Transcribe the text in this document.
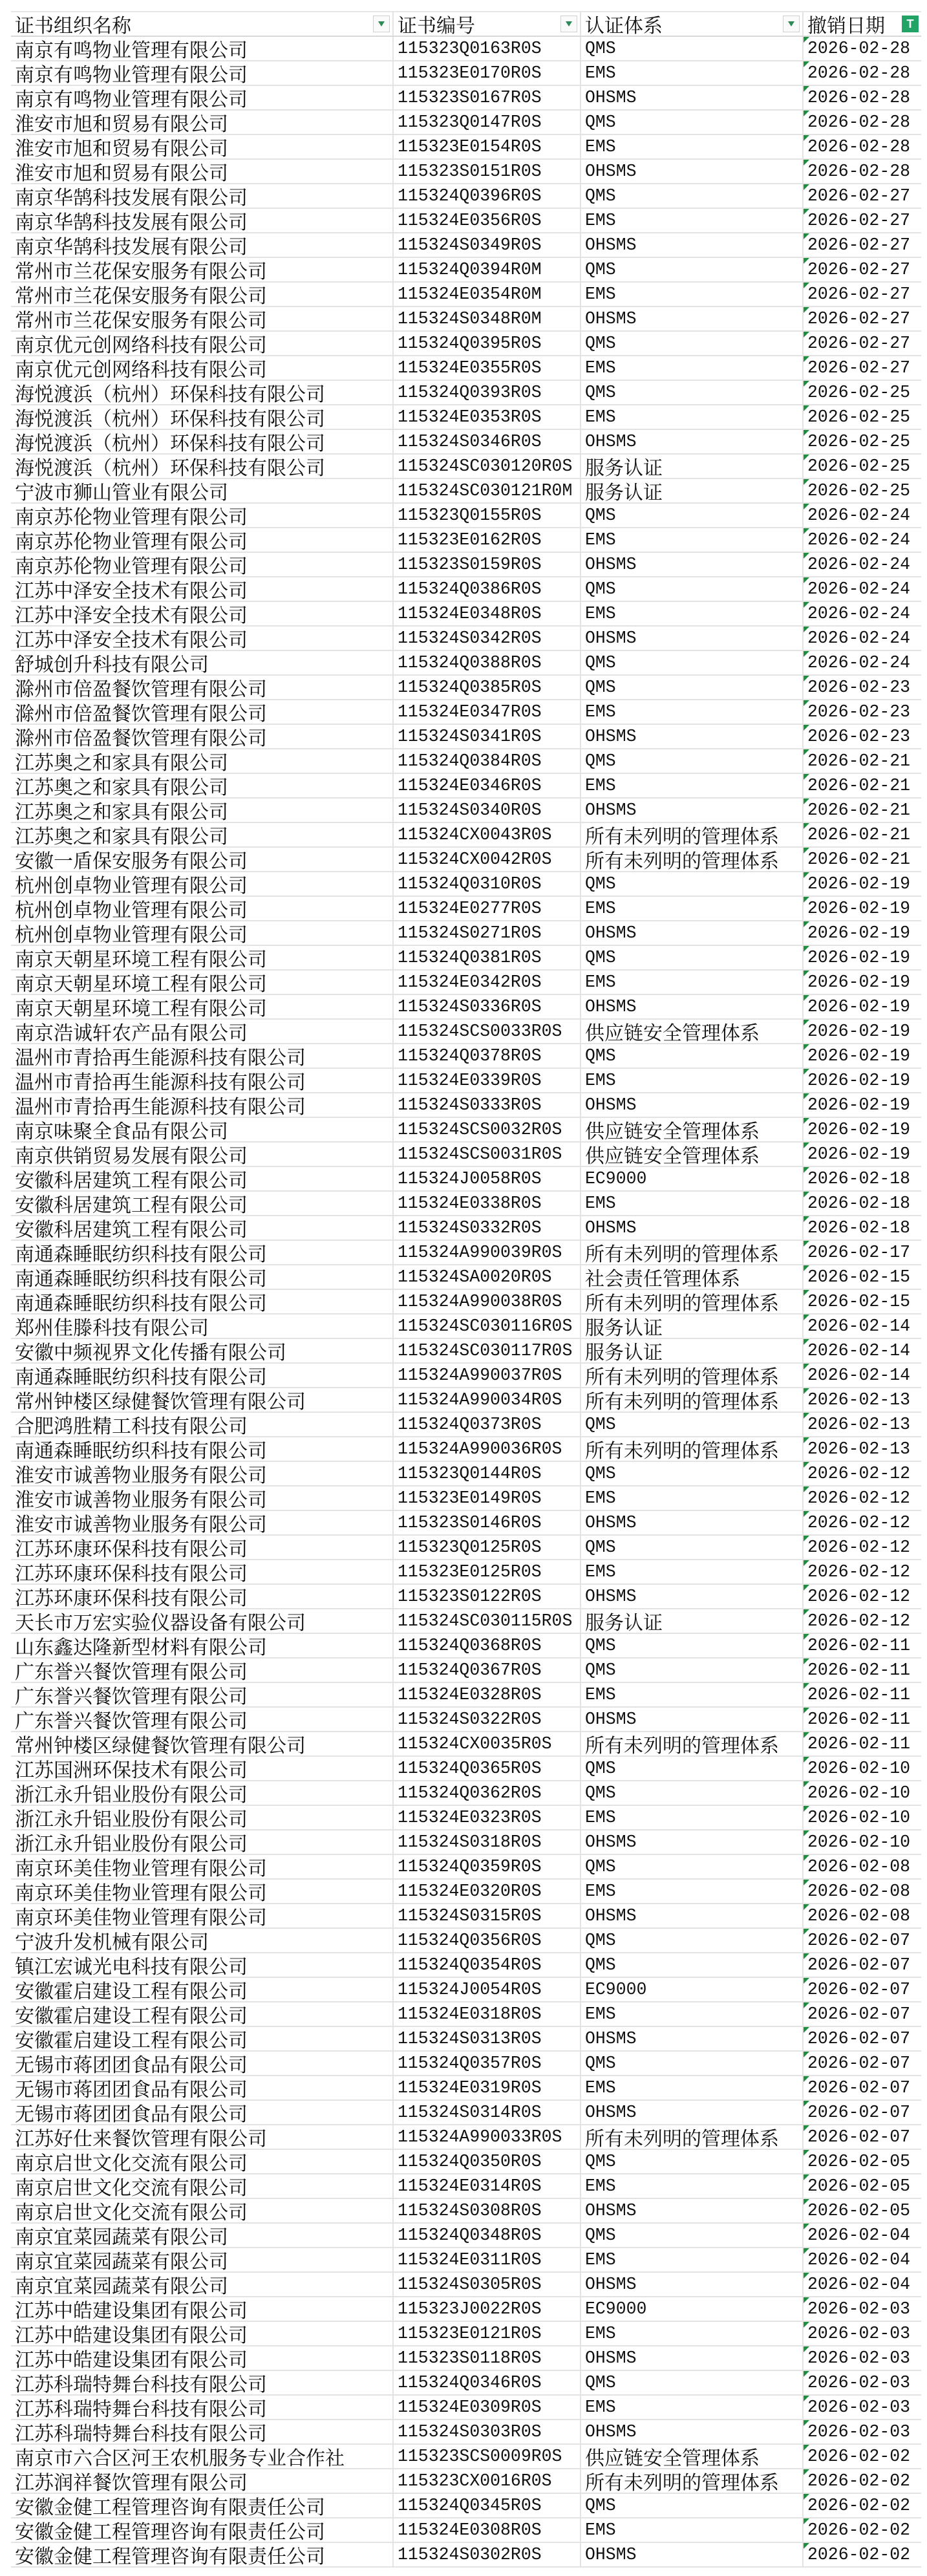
证书组织名称	证书编号	认证体系	撤销日期
T
南京有鸣物业管理有限公司	115323Q0163R0S	QMS	2026-02-28
南京有鸣物业管理有限公司	115323E0170R0S	EMS	2026-02-28
南京有鸣物业管理有限公司	115323S0167R0S	OHSMS	2026-02-28
淮安市旭和贸易有限公司	115323Q0147R0S	QMS	2026-02-28
淮安市旭和贸易有限公司	115323E0154R0S	EMS	2026-02-28
淮安市旭和贸易有限公司	115323S0151R0S	OHSMS	2026-02-28
南京华鹄科技发展有限公司	115324Q0396R0S	QMS	2026-02-27
南京华鹄科技发展有限公司	115324E0356R0S	EMS	2026-02-27
南京华鹄科技发展有限公司	115324S0349R0S	OHSMS	2026-02-27
常州市兰花保安服务有限公司	115324Q0394R0M	QMS	2026-02-27
常州市兰花保安服务有限公司	115324E0354R0M	EMS	2026-02-27
常州市兰花保安服务有限公司	115324S0348R0M	OHSMS	2026-02-27
南京优元创网络科技有限公司	115324Q0395R0S	QMS	2026-02-27
南京优元创网络科技有限公司	115324E0355R0S	EMS	2026-02-27
海悦渡浜（杭州）环保科技有限公司	115324Q0393R0S	QMS	2026-02-25
海悦渡浜（杭州）环保科技有限公司	115324E0353R0S	EMS	2026-02-25
海悦渡浜（杭州）环保科技有限公司	115324S0346R0S	OHSMS	2026-02-25
海悦渡浜（杭州）环保科技有限公司	115324SC030120R0S 服务认证	2026-02-25
宁波市狮山管业有限公司	115324SC030121R0M 服务认证	2026-02-25
南京苏伦物业管理有限公司	115323Q0155R0S	QMS	2026-02-24
南京苏伦物业管理有限公司	115323E0162R0S	EMS	2026-02-24
南京苏伦物业管理有限公司	115323S0159R0S	OHSMS	2026-02-24
江苏中泽安全技术有限公司	115324Q0386R0S	QMS	2026-02-24
江苏中泽安全技术有限公司	115324E0348R0S	EMS	2026-02-24
江苏中泽安全技术有限公司	115324S0342R0S	OHSMS	2026-02-24
舒城创升科技有限公司	115324Q0388R0S	QMS	2026-02-24
滁州市倍盈餐饮管理有限公司	115324Q0385R0S	QMS	2026-02-23
滁州市倍盈餐饮管理有限公司	115324E0347R0S	EMS	2026-02-23
滁州市倍盈餐饮管理有限公司	115324S0341R0S	OHSMS	2026-02-23
江苏奥之和家具有限公司	115324Q0384R0S	QMS	2026-02-21
江苏奥之和家具有限公司	115324E0346R0S	EMS	2026-02-21
江苏奥之和家具有限公司	115324S0340R0S	OHSMS	2026-02-21
江苏奥之和家具有限公司	115324CX0043R0S 所有未列明的管理体系 2026-02-21
安徽一盾保安服务有限公司	115324CX0042R0S 所有未列明的管理体系 2026-02-21
杭州创卓物业管理有限公司	115324Q0310R0S	QMS	2026-02-19
杭州创卓物业管理有限公司	115324E0277R0S	EMS	2026-02-19
杭州创卓物业管理有限公司	115324S0271R0S	OHSMS	2026-02-19
南京天朝星环境工程有限公司	115324Q0381R0S	QMS	2026-02-19
南京天朝星环境工程有限公司	115324E0342R0S	EMS	2026-02-19
南京天朝星环境工程有限公司	115324S0336R0S	OHSMS	2026-02-19
南京浩诚轩农产品有限公司	115324SCS0033R0S 供应链安全管理体系	2026-02-19
温州市青拾再生能源科技有限公司	115324Q0378R0S	QMS	2026-02-19
温州市青拾再生能源科技有限公司	115324E0339R0S	EMS	2026-02-19
温州市青拾再生能源科技有限公司	115324S0333R0S	OHSMS	2026-02-19
南京味聚全食品有限公司	115324SCS0032R0S 供应链安全管理体系	2026-02-19
南京供销贸易发展有限公司	115324SCS0031R0S 供应链安全管理体系	2026-02-19
安徽科居建筑工程有限公司	115324J0058R0S	EC9000	2026-02-18
安徽科居建筑工程有限公司	115324E0338R0S	EMS	2026-02-18
安徽科居建筑工程有限公司	115324S0332R0S	OHSMS	2026-02-18
南通森睡眠纺织科技有限公司	115324A990039R0S 所有未列明的管理体系 2026-02-17
南通森睡眠纺织科技有限公司	115324SA0020R0S 社会责任管理体系	2026-02-15
南通森睡眠纺织科技有限公司	115324A990038R0S 所有未列明的管理体系 2026-02-15
郑州佳滕科技有限公司	115324SC030116R0S 服务认证	2026-02-14
安徽中频视界文化传播有限公司	115324SC030117R0S 服务认证	2026-02-14
南通森睡眠纺织科技有限公司	115324A990037R0S 所有未列明的管理体系 2026-02-14
常州钟楼区绿健餐饮管理有限公司	115324A990034R0S 所有未列明的管理体系 2026-02-13
合肥鸿胜精工科技有限公司	115324Q0373R0S	QMS	2026-02-13
南通森睡眠纺织科技有限公司	115324A990036R0S 所有未列明的管理体系 2026-02-13
淮安市诚善物业服务有限公司	115323Q0144R0S	QMS	2026-02-12
淮安市诚善物业服务有限公司	115323E0149R0S	EMS	2026-02-12
淮安市诚善物业服务有限公司	115323S0146R0S	OHSMS	2026-02-12
江苏环康环保科技有限公司	115323Q0125R0S	QMS	2026-02-12
江苏环康环保科技有限公司	115323E0125R0S	EMS	2026-02-12
江苏环康环保科技有限公司	115323S0122R0S	OHSMS	2026-02-12
天长市万宏实验仪器设备有限公司	115324SC030115R0S 服务认证	2026-02-12
山东鑫达隆新型材料有限公司	115324Q0368R0S	QMS	2026-02-11
广东誉兴餐饮管理有限公司	115324Q0367R0S	QMS	2026-02-11
广东誉兴餐饮管理有限公司	115324E0328R0S	EMS	2026-02-11
广东誉兴餐饮管理有限公司	115324S0322R0S	OHSMS	2026-02-11
常州钟楼区绿健餐饮管理有限公司	115324CX0035R0S 所有未列明的管理体系 2026-02-11
江苏国洲环保技术有限公司	115324Q0365R0S	QMS	2026-02-10
浙江永升铝业股份有限公司	115324Q0362R0S	QMS	2026-02-10
浙江永升铝业股份有限公司	115324E0323R0S	EMS	2026-02-10
浙江永升铝业股份有限公司	115324S0318R0S	OHSMS	2026-02-10
南京环美佳物业管理有限公司	115324Q0359R0S	QMS	2026-02-08
南京环美佳物业管理有限公司	115324E0320R0S	EMS	2026-02-08
南京环美佳物业管理有限公司	115324S0315R0S	OHSMS	2026-02-08
宁波升发机械有限公司	115324Q0356R0S	QMS	2026-02-07
镇江宏诚光电科技有限公司	115324Q0354R0S	QMS	2026-02-07
安徽霍启建设工程有限公司	115324J0054R0S	EC9000	2026-02-07
安徽霍启建设工程有限公司	115324E0318R0S	EMS	2026-02-07
安徽霍启建设工程有限公司	115324S0313R0S	OHSMS	2026-02-07
无锡市蒋团团食品有限公司	115324Q0357R0S	QMS	2026-02-07
无锡市蒋团团食品有限公司	115324E0319R0S	EMS	2026-02-07
无锡市蒋团团食品有限公司	115324S0314R0S	OHSMS	2026-02-07
江苏好仕来餐饮管理有限公司	115324A990033R0S 所有未列明的管理体系 2026-02-07
南京启世文化交流有限公司	115324Q0350R0S	QMS	2026-02-05
南京启世文化交流有限公司	115324E0314R0S	EMS	2026-02-05
南京启世文化交流有限公司	115324S0308R0S	OHSMS	2026-02-05
南京宜菜园蔬菜有限公司	115324Q0348R0S	QMS	2026-02-04
南京宜菜园蔬菜有限公司	115324E0311R0S	EMS	2026-02-04
南京宜菜园蔬菜有限公司	115324S0305R0S	OHSMS	2026-02-04
江苏中皓建设集团有限公司	115323J0022R0S	EC9000	2026-02-03
江苏中皓建设集团有限公司	115323E0121R0S	EMS	2026-02-03
江苏中皓建设集团有限公司	115323S0118R0S	OHSMS	2026-02-03
江苏科瑞特舞台科技有限公司	115324Q0346R0S	QMS	2026-02-03
江苏科瑞特舞台科技有限公司	115324E0309R0S	EMS	2026-02-03
江苏科瑞特舞台科技有限公司	115324S0303R0S	OHSMS	2026-02-03
南京市六合区河王农机服务专业合作社	115323SCS0009R0S 供应链安全管理体系	2026-02-02
江苏润祥餐饮管理有限公司	115323CX0016R0S 所有未列明的管理体系 2026-02-02
安徽金健工程管理咨询有限责任公司	115324Q0345R0S	QMS	2026-02-02
安徽金健工程管理咨询有限责任公司	115324E0308R0S	EMS	2026-02-02
安徽金健工程管理咨询有限责任公司	115324S0302R0S	OHSMS	2026-02-02
